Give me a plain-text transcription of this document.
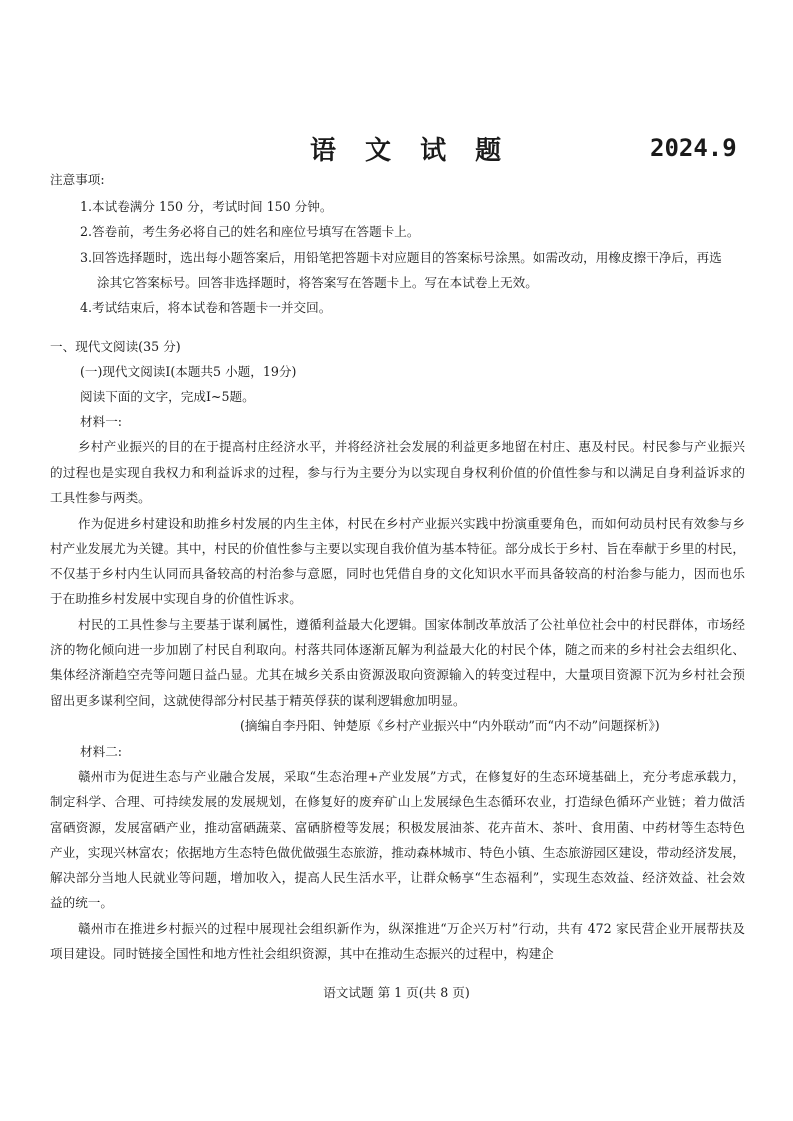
语 文 试 题	2024.9
注意事项:
1.本试卷满分 150 分，考试时间 150 分钟。
2.答卷前，考生务必将自己的姓名和座位号填写在答题卡上。
3.回答选择题时，选出每小题答案后，用铅笔把答题卡对应题目的答案标号涂黑。如需改动，用橡皮擦干净后，再选
涂其它答案标号。回答非选择题时，将答案写在答题卡上。写在本试卷上无效。
4.考试结束后，将本试卷和答题卡一并交回。
一、现代文阅读(35 分)
(一)现代文阅读Ⅰ(本题共5 小题，19分)
阅读下面的文字，完成Ⅰ~5题。
材料一:
乡村产业振兴的目的在于提高村庄经济水平，并将经济社会发展的利益更多地留在村庄、惠及村民。村民参与产业振兴
的过程也是实现自我权力和利益诉求的过程，参与行为主要分为以实现自身权利价值的价值性参与和以满足自身利益诉求的
工具性参与两类。
作为促进乡村建设和助推乡村发展的内生主体，村民在乡村产业振兴实践中扮演重要角色，而如何动员村民有效参与乡
村产业发展尤为关键。其中，村民的价值性参与主要以实现自我价值为基本特征。部分成长于乡村、旨在奉献于乡里的村民，
不仅基于乡村内生认同而具备较高的村治参与意愿，同时也凭借自身的文化知识水平而具备较高的村治参与能力，因而也乐
于在助推乡村发展中实现自身的价值性诉求。
村民的工具性参与主要基于谋利属性，遵循利益最大化逻辑。国家体制改革放活了公社单位社会中的村民群体，市场经
济的物化倾向进一步加剧了村民自利取向。村落共同体逐渐瓦解为利益最大化的村民个体，随之而来的乡村社会去组织化、
集体经济渐趋空壳等问题日益凸显。尤其在城乡关系由资源汲取向资源输入的转变过程中，大量项目资源下沉为乡村社会预
留出更多谋利空间，这就使得部分村民基于精英俘获的谋利逻辑愈加明显。
(摘编自李丹阳、钟楚原《乡村产业振兴中“内外联动”而“内不动”问题探析》)
材料二:
赣州市为促进生态与产业融合发展，采取“生态治理+产业发展”方式，在修复好的生态环境基础上，充分考虑承载力，
制定科学、合理、可持续发展的发展规划，在修复好的废弃矿山上发展绿色生态循环农业，打造绿色循环产业链；着力做活
富硒资源，发展富硒产业，推动富硒蔬菜、富硒脐橙等发展；积极发展油茶、花卉苗木、茶叶、食用菌、中药材等生态特色
产业，实现兴林富农；依据地方生态特色做优做强生态旅游，推动森林城市、特色小镇、生态旅游园区建设，带动经济发展，
解决部分当地人民就业等问题，增加收入，提高人民生活水平，让群众畅享“生态福利”，实现生态效益、经济效益、社会效
益的统一。
赣州市在推进乡村振兴的过程中展现社会组织新作为，纵深推进“万企兴万村”行动，共有 472 家民营企业开展帮扶及
项目建设。同时链接全国性和地方性社会组织资源，其中在推动生态振兴的过程中，构建企
语文试题 第 1 页(共 8 页)
